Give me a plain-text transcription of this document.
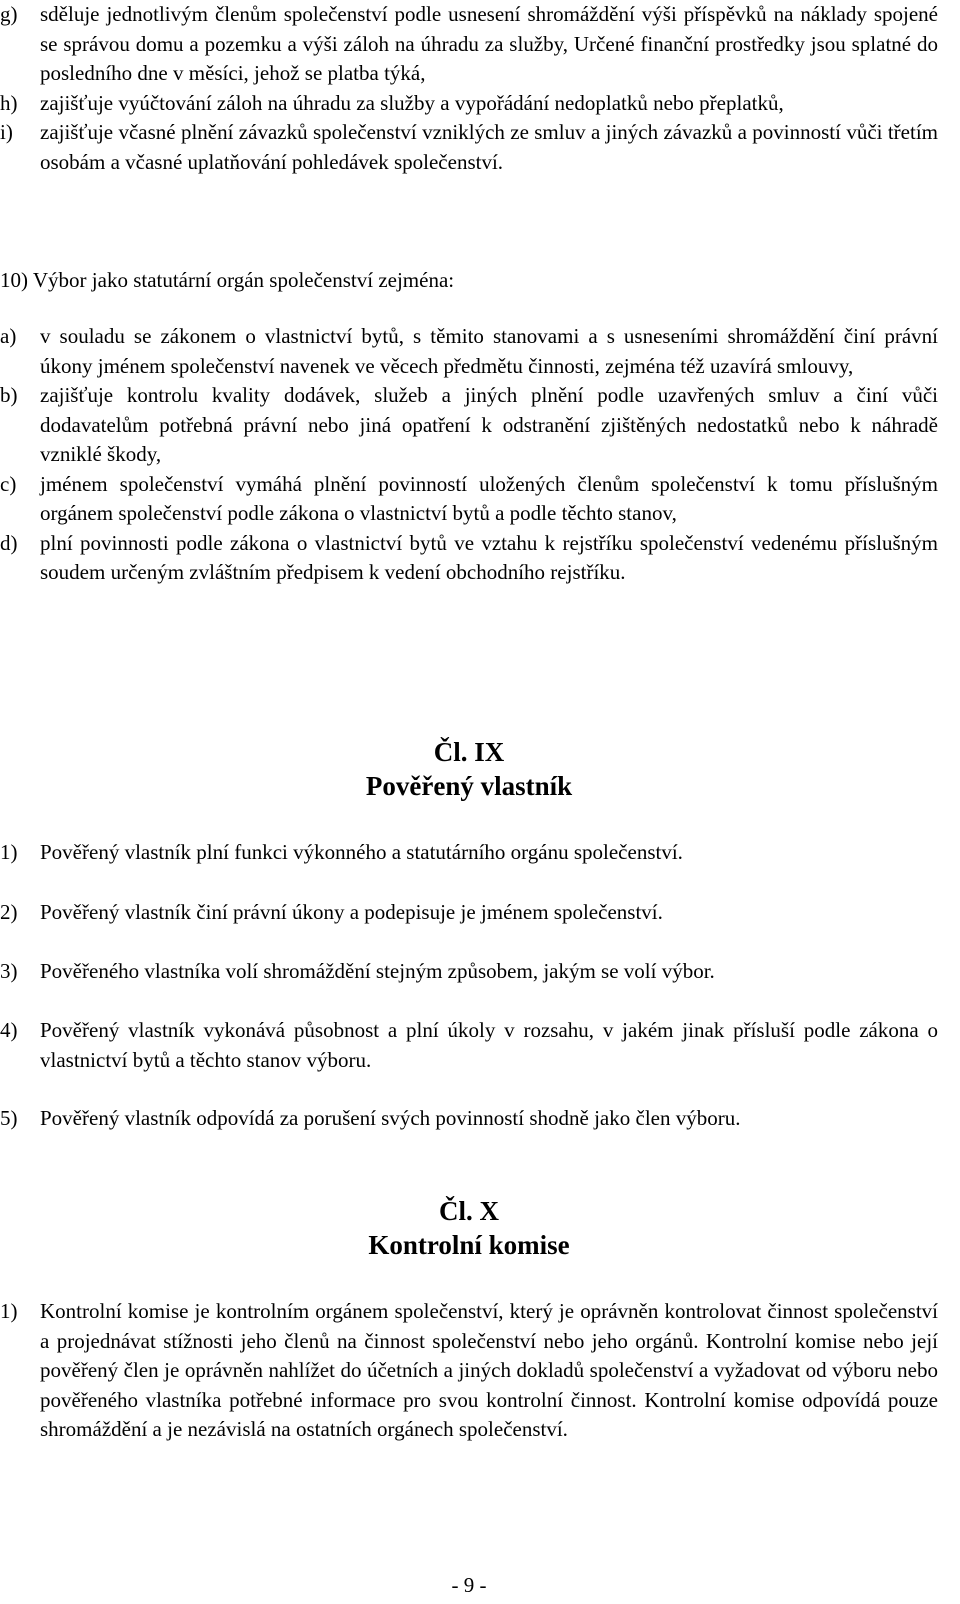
g)	sděluje jednotlivým členům společenství podle usnesení shromáždění výši příspěvků na náklady spojené se správou domu a pozemku a výši záloh na úhradu za služby, Určené finanční prostředky jsou splatné do posledního dne v měsíci, jehož se platba týká,
h)	zajišťuje vyúčtování záloh na úhradu za služby a vypořádání nedoplatků nebo přeplatků,
i)	zajišťuje včasné plnění závazků společenství vzniklých ze smluv a jiných závazků a povinností vůči třetím osobám a včasné uplatňování pohledávek společenství.
10) Výbor jako statutární orgán společenství zejména:
a)	v souladu se zákonem o vlastnictví bytů, s těmito stanovami a s usneseními shromáždění činí právní úkony jménem společenství navenek ve věcech předmětu činnosti, zejména též uzavírá smlouvy,
b)	zajišťuje kontrolu kvality dodávek, služeb a jiných plnění podle uzavřených smluv a činí vůči dodavatelům potřebná právní nebo jiná opatření k odstranění zjištěných nedostatků nebo k náhradě vzniklé škody,
c)	jménem společenství vymáhá plnění povinností uložených členům společenství k tomu příslušným orgánem společenství podle zákona o vlastnictví bytů a podle těchto stanov,
d)	plní povinnosti podle zákona o vlastnictví bytů ve vztahu k rejstříku společenství vedenému příslušným soudem určeným zvláštním předpisem k vedení obchodního rejstříku.
Čl. IX
Pověřený vlastník
1)	Pověřený vlastník plní funkci výkonného a statutárního orgánu společenství.
2)	Pověřený vlastník činí právní úkony a podepisuje je jménem společenství.
3)	Pověřeného vlastníka volí shromáždění stejným způsobem, jakým se volí výbor.
4)	Pověřený vlastník vykonává působnost a plní úkoly v rozsahu, v jakém jinak přísluší podle zákona o vlastnictví bytů a těchto stanov výboru.
5)	Pověřený vlastník odpovídá za porušení svých povinností shodně jako člen výboru.
Čl. X
Kontrolní komise
1)	Kontrolní komise je kontrolním orgánem společenství, který je oprávněn kontrolovat činnost společenství a projednávat stížnosti jeho členů na činnost společenství nebo jeho orgánů. Kontrolní komise nebo její pověřený člen je oprávněn nahlížet do účetních a jiných dokladů společenství a vyžadovat od výboru nebo pověřeného vlastníka potřebné informace pro svou kontrolní činnost. Kontrolní komise odpovídá pouze shromáždění a je nezávislá na ostatních orgánech společenství.
- 9 -
